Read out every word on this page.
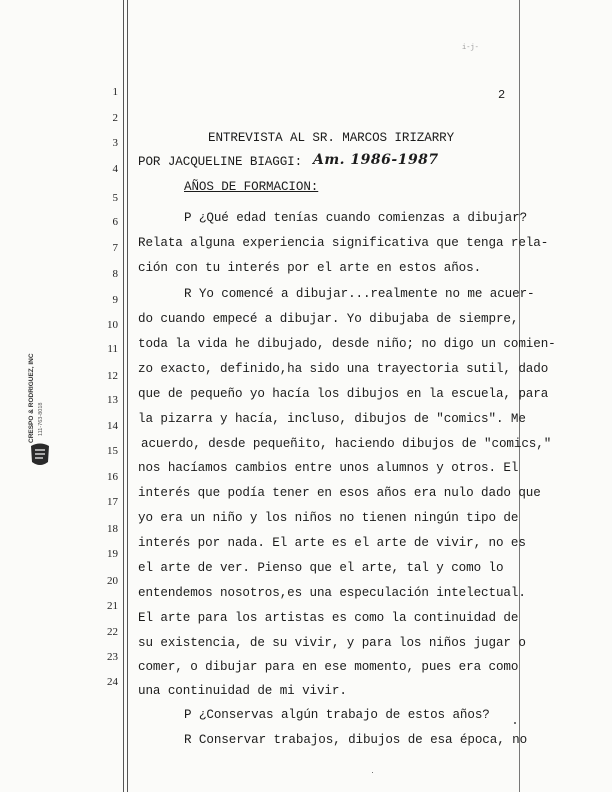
i-j-
2
CRESPO & RODRIGUEZ, INC 111-763-8018
1
2
3
4
5
6
7
8
9
10
11
12
13
14
15
16
17
18
19
20
21
22
23
24
ENTREVISTA AL SR. MARCOS IRIZARRY
POR JACQUELINE BIAGGI: Am. 1986-1987
AÑOS DE FORMACION:
P ¿Qué edad tenías cuando comienzas a dibujar?
Relata alguna experiencia significativa que tenga rela-
ción con tu interés por el arte en estos años.
R Yo comencé a dibujar...realmente no me acuer-
do cuando empecé a dibujar. Yo dibujaba de siempre,
toda la vida he dibujado, desde niño; no digo un comien-
zo exacto, definido,ha sido una trayectoria sutil, dado
que de pequeño yo hacía los dibujos en la escuela, para
la pizarra y hacía, incluso, dibujos de "comics". Me
acuerdo, desde pequeñito, haciendo dibujos de "comics,"
nos hacíamos cambios entre unos alumnos y otros. El
interés que podía tener en esos años era nulo dado que
yo era un niño y los niños no tienen ningún tipo de
interés por nada. El arte es el arte de vivir, no es
el arte de ver. Pienso que el arte, tal y como lo
entendemos nosotros,es una especulación intelectual.
El arte para los artistas es como la continuidad de
su existencia, de su vivir, y para los niños jugar o
comer, o dibujar para en ese momento, pues era como
una continuidad de mi vivir.
P ¿Conservas algún trabajo de estos años?
R Conservar trabajos, dibujos de esa época, no
